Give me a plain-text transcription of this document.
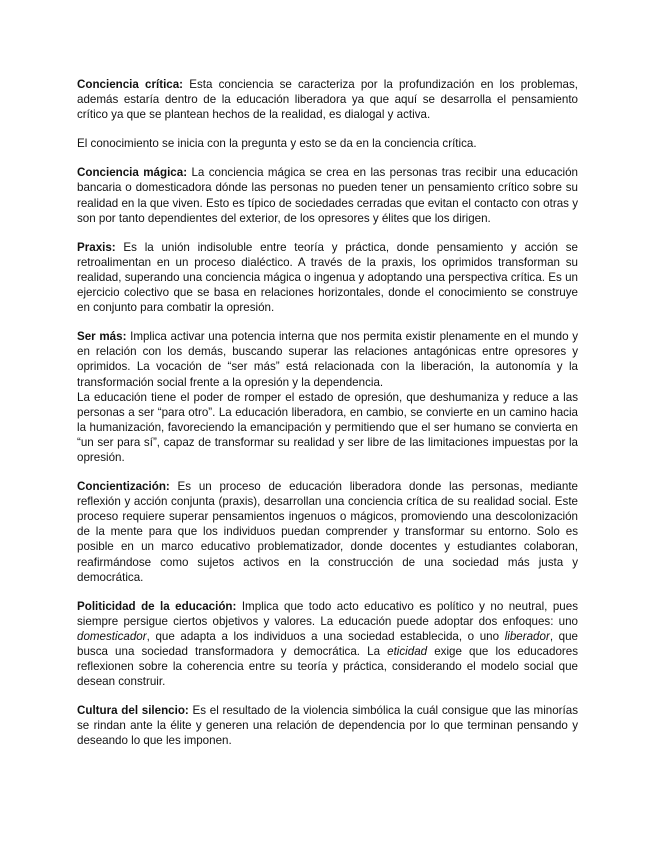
Conciencia crítica: Esta conciencia se caracteriza por la profundización en los problemas, además estaría dentro de la educación liberadora ya que aquí se desarrolla el pensamiento crítico ya que se plantean hechos de la realidad, es dialogal y activa.

El conocimiento se inicia con la pregunta y esto se da en la conciencia crítica.

Conciencia mágica: La conciencia mágica se crea en las personas tras recibir una educación bancaria o domesticadora dónde las personas no pueden tener un pensamiento crítico sobre su realidad en la que viven. Esto es típico de sociedades cerradas que evitan el contacto con otras y son por tanto dependientes del exterior, de los opresores y élites que los dirigen.

Praxis: Es la unión indisoluble entre teoría y práctica, donde pensamiento y acción se retroalimentan en un proceso dialéctico. A través de la praxis, los oprimidos transforman su realidad, superando una conciencia mágica o ingenua y adoptando una perspectiva crítica. Es un ejercicio colectivo que se basa en relaciones horizontales, donde el conocimiento se construye en conjunto para combatir la opresión.

Ser más: Implica activar una potencia interna que nos permita existir plenamente en el mundo y en relación con los demás, buscando superar las relaciones antagónicas entre opresores y oprimidos. La vocación de “ser más” está relacionada con la liberación, la autonomía y la transformación social frente a la opresión y la dependencia.

La educación tiene el poder de romper el estado de opresión, que deshumaniza y reduce a las personas a ser “para otro”. La educación liberadora, en cambio, se convierte en un camino hacia la humanización, favoreciendo la emancipación y permitiendo que el ser humano se convierta en “un ser para sí”, capaz de transformar su realidad y ser libre de las limitaciones impuestas por la opresión.

Concientización: Es un proceso de educación liberadora donde las personas, mediante reflexión y acción conjunta (praxis), desarrollan una conciencia crítica de su realidad social. Este proceso requiere superar pensamientos ingenuos o mágicos, promoviendo una descolonización de la mente para que los individuos puedan comprender y transformar su entorno. Solo es posible en un marco educativo problematizador, donde docentes y estudiantes colaboran, reafirmándose como sujetos activos en la construcción de una sociedad más justa y democrática.

Politicidad de la educación: Implica que todo acto educativo es político y no neutral, pues siempre persigue ciertos objetivos y valores. La educación puede adoptar dos enfoques: uno domesticador, que adapta a los individuos a una sociedad establecida, o uno liberador, que busca una sociedad transformadora y democrática. La eticidad exige que los educadores reflexionen sobre la coherencia entre su teoría y práctica, considerando el modelo social que desean construir.

Cultura del silencio: Es el resultado de la violencia simbólica la cuál consigue que las minorías se rindan ante la élite y generen una relación de dependencia por lo que terminan pensando y deseando lo que les imponen.
